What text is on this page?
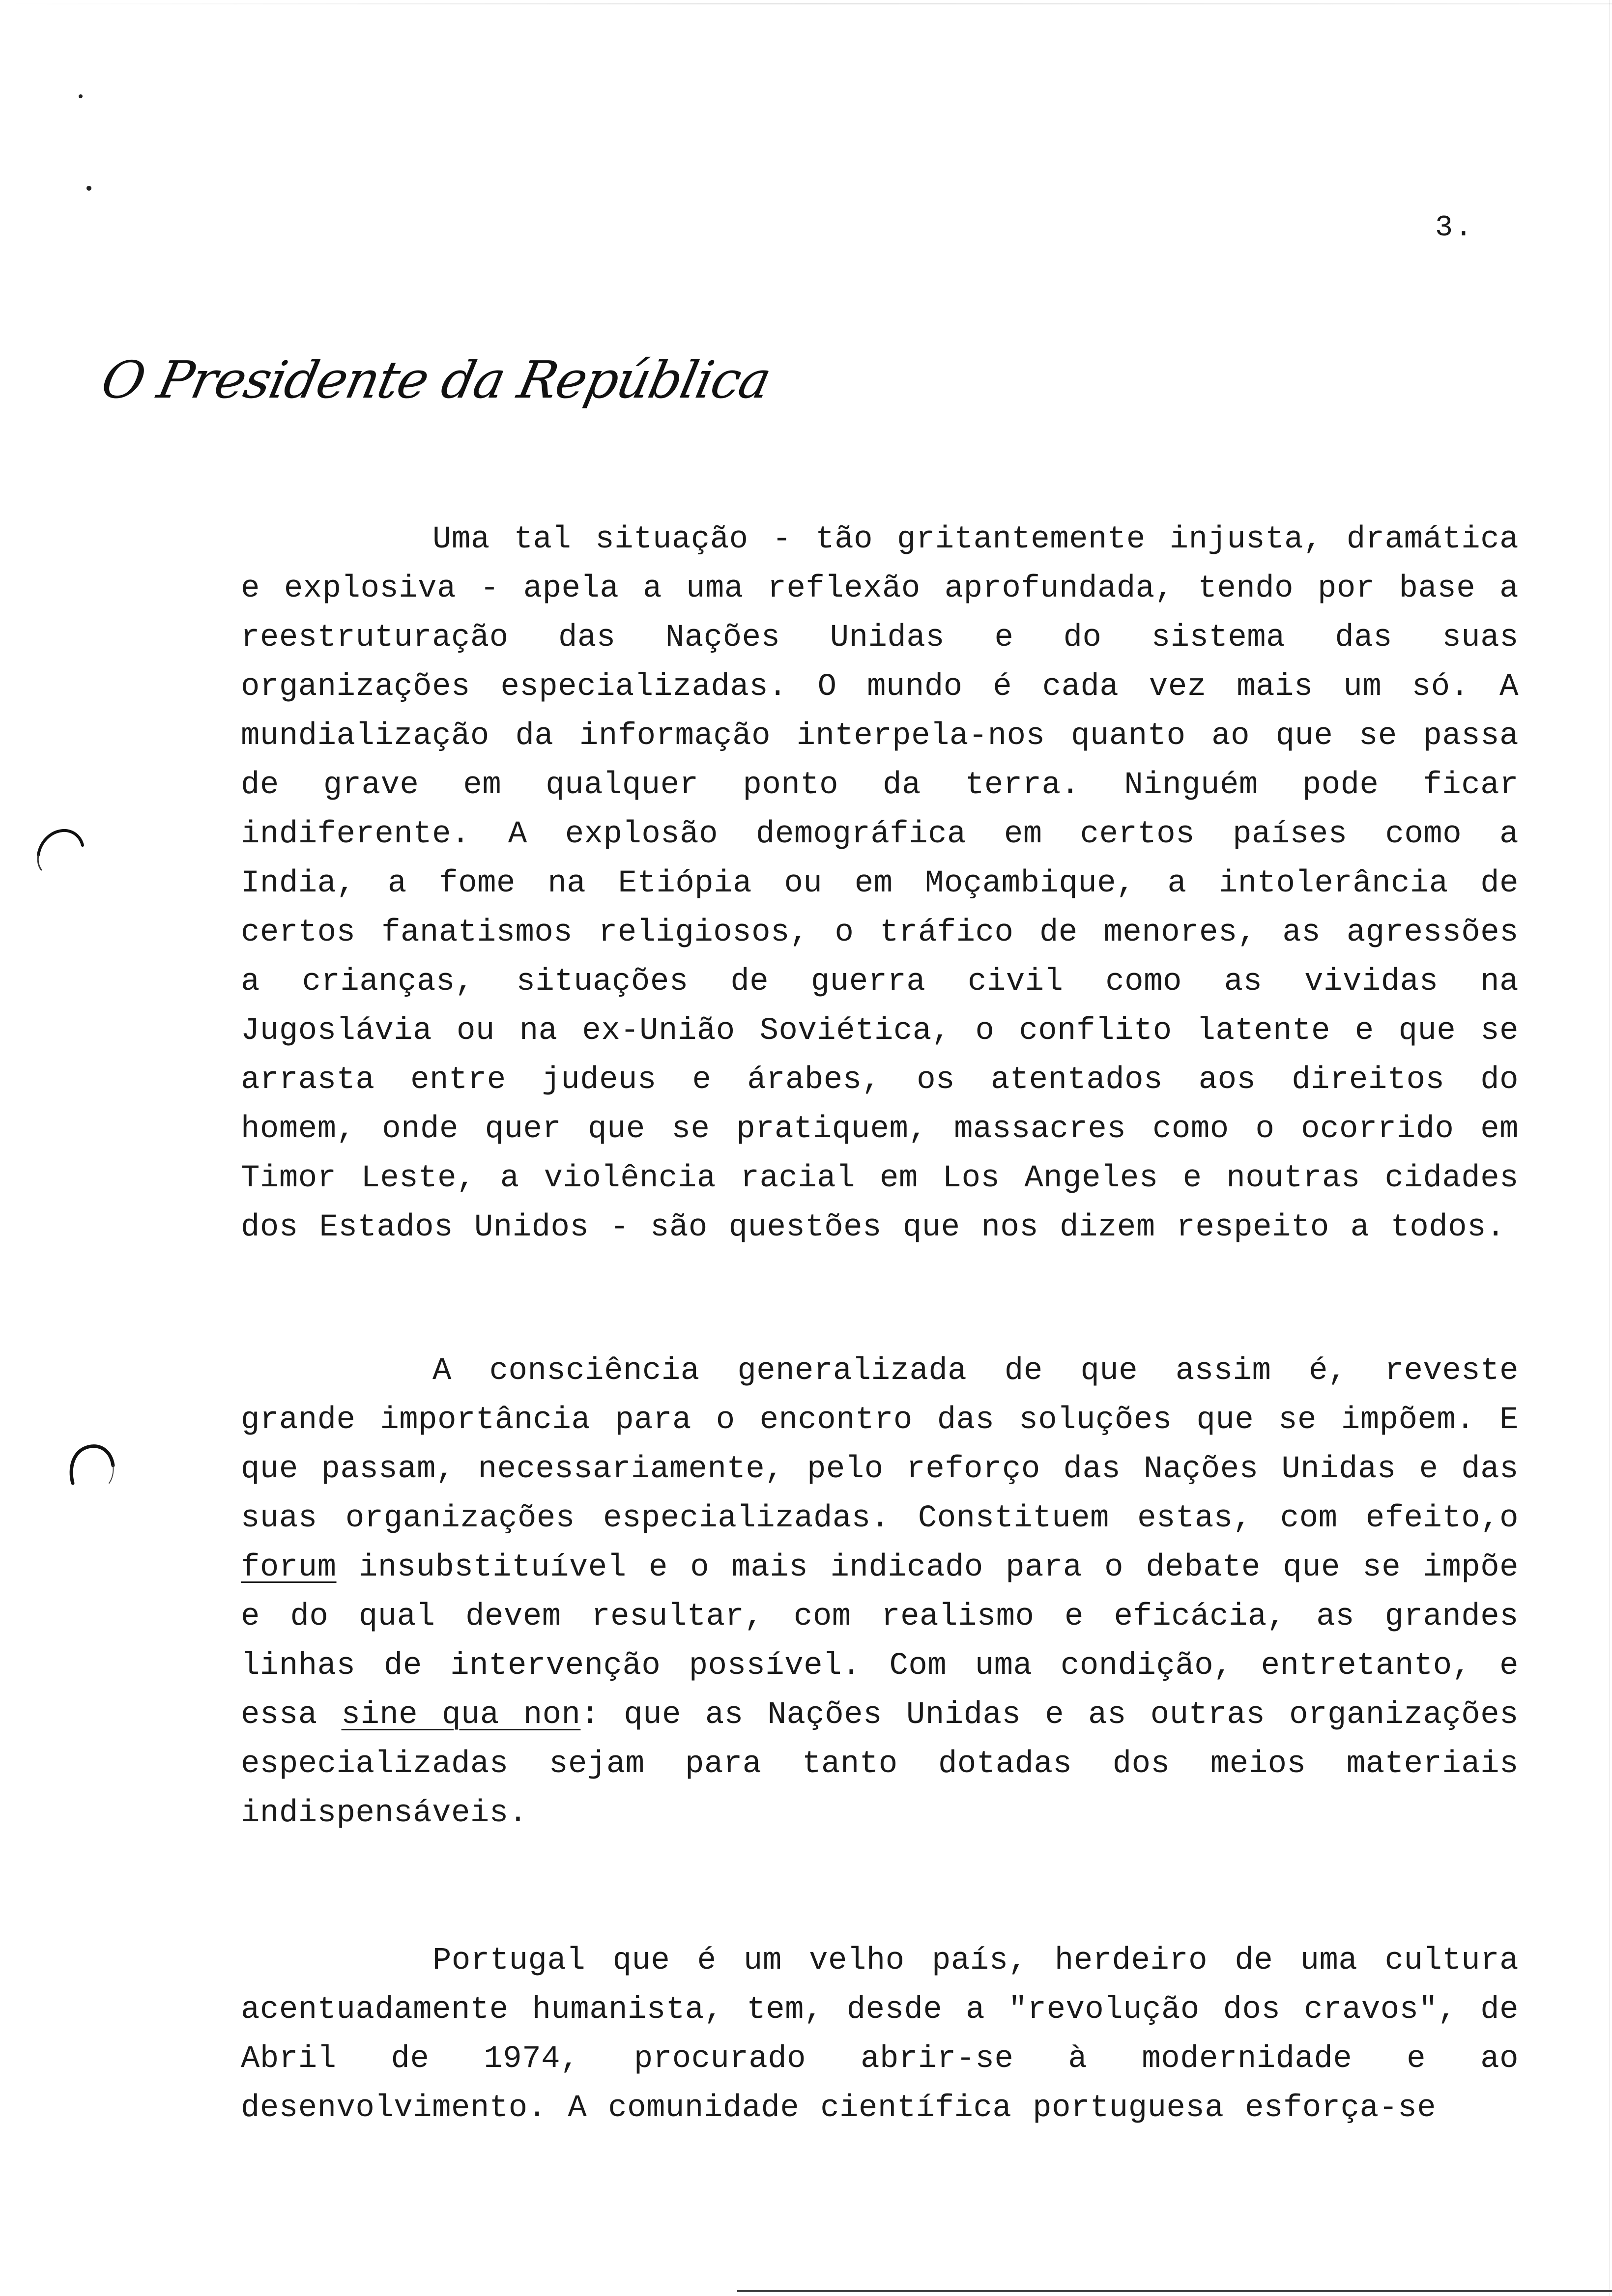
3.
O Presidente da República

Uma tal situação - tão gritantemente injusta, dramática e explosiva - apela a uma reflexão aprofundada, tendo por base a reestruturação das Nações Unidas e do sistema das suas organizações especializadas. O mundo é cada vez mais um só. A mundialização da informação interpela-nos quanto ao que se passa de grave em qualquer ponto da terra. Ninguém pode ficar indiferente. A explosão demográfica em certos países como a India, a fome na Etiópia ou em Moçambique, a intolerância de certos fanatismos religiosos, o tráfico de menores, as agressões a crianças, situações de guerra civil como as vividas na Jugoslávia ou na ex-União Soviética, o conflito latente e que se arrasta entre judeus e árabes, os atentados aos direitos do homem, onde quer que se pratiquem, massacres como o ocorrido em Timor Leste, a violência racial em Los Angeles e noutras cidades dos Estados Unidos - são questões que nos dizem respeito a todos.

A consciência generalizada de que assim é, reveste grande importância para o encontro das soluções que se impõem. E que passam, necessariamente, pelo reforço das Nações Unidas e das suas organizações especializadas. Constituem estas, com efeito,o forum insubstituível e o mais indicado para o debate que se impõe e do qual devem resultar, com realismo e eficácia, as grandes linhas de intervenção possível. Com uma condição, entretanto, e essa sine qua non: que as Nações Unidas e as outras organizações especializadas sejam para tanto dotadas dos meios materiais indispensáveis.

Portugal que é um velho país, herdeiro de uma cultura acentuadamente humanista, tem, desde a "revolução dos cravos", de Abril de 1974, procurado abrir-se à modernidade e ao desenvolvimento. A comunidade científica portuguesa esforça-se
